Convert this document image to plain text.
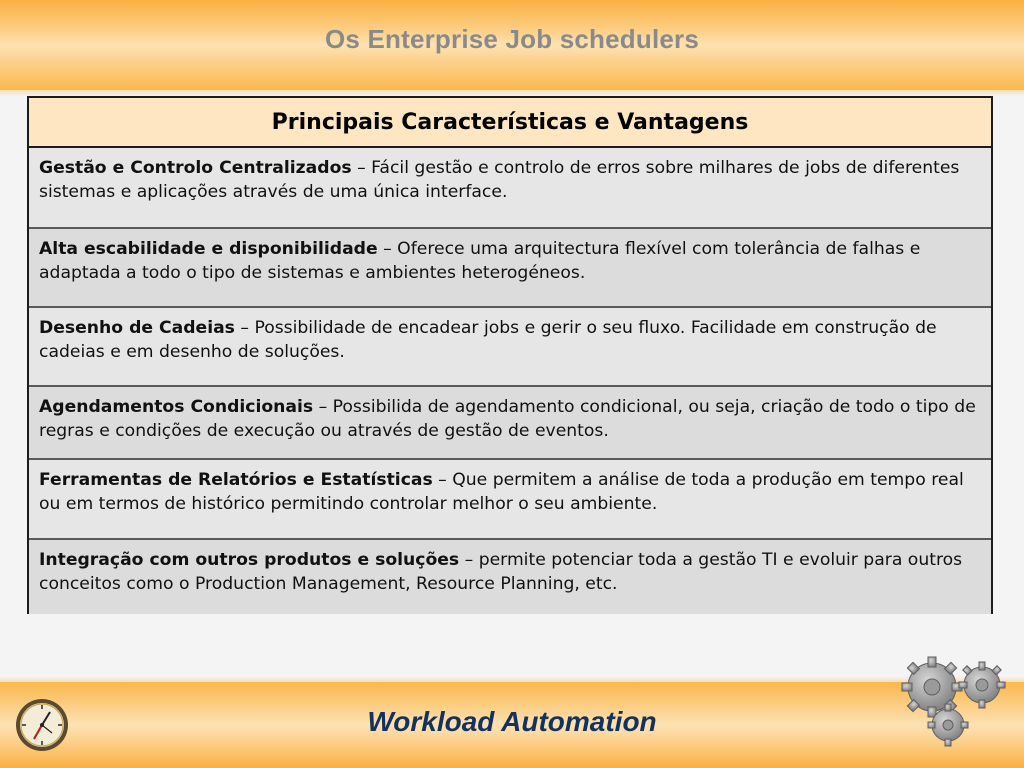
Os Enterprise Job schedulers
Principais Características e Vantagens
Gestão e Controlo Centralizados – Fácil gestão e controlo de erros sobre milhares de jobs de diferentes sistemas e aplicações através de uma única interface.
Alta escabilidade e disponibilidade – Oferece uma arquitectura flexível com tolerância de falhas e adaptada a todo o tipo de sistemas e ambientes heterogéneos.
Desenho de Cadeias – Possibilidade de encadear jobs e gerir o seu fluxo. Facilidade em construção de cadeias e em desenho de soluções.
Agendamentos Condicionais – Possibilida de agendamento condicional, ou seja, criação de todo o tipo de regras e condições de execução ou através de gestão de eventos.
Ferramentas de Relatórios e Estatísticas – Que permitem a análise de toda a produção em tempo real ou em termos de histórico permitindo controlar melhor o seu ambiente.
Integração com outros produtos e soluções – permite potenciar toda a gestão TI e evoluir para outros conceitos como o Production Management, Resource Planning, etc.
Workload Automation
